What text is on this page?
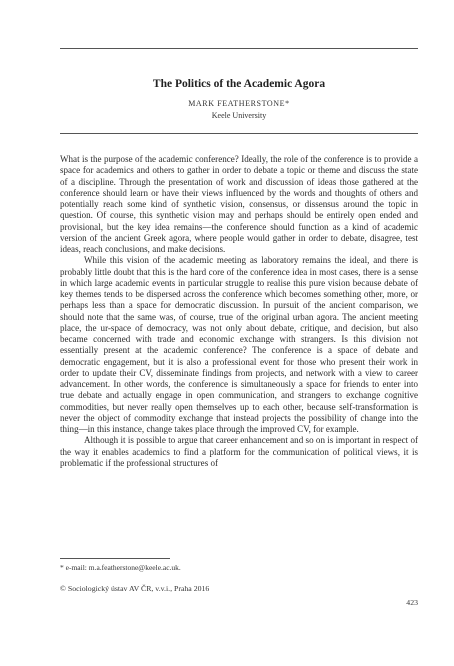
The Politics of the Academic Agora
MARK FEATHERSTONE*
Keele University

What is the purpose of the academic conference? Ideally, the role of the conference is to provide a space for academics and others to gather in order to debate a topic or theme and discuss the state of a discipline. Through the presentation of work and discussion of ideas those gathered at the conference should learn or have their views influenced by the words and thoughts of others and potentially reach some kind of synthetic vision, consensus, or dissensus around the topic in question. Of course, this synthetic vision may and perhaps should be entirely open ended and provisional, but the key idea remains—the conference should function as a kind of academic version of the ancient Greek agora, where people would gather in order to debate, disagree, test ideas, reach conclusions, and make decisions.

While this vision of the academic meeting as laboratory remains the ideal, and there is probably little doubt that this is the hard core of the conference idea in most cases, there is a sense in which large academic events in particular struggle to realise this pure vision because debate of key themes tends to be dispersed across the conference which becomes something other, more, or perhaps less than a space for democratic discussion. In pursuit of the ancient comparison, we should note that the same was, of course, true of the original urban agora. The ancient meeting place, the ur-space of democracy, was not only about debate, critique, and decision, but also became concerned with trade and economic exchange with strangers. Is this division not essentially present at the academic conference? The conference is a space of debate and democratic engagement, but it is also a professional event for those who present their work in order to update their CV, disseminate findings from projects, and network with a view to career advancement. In other words, the conference is simultaneously a space for friends to enter into true debate and actually engage in open communication, and strangers to exchange cognitive commodities, but never really open themselves up to each other, because self-transformation is never the object of commodity exchange that instead projects the possibility of change into the thing—in this instance, change takes place through the improved CV, for example.

Although it is possible to argue that career enhancement and so on is important in respect of the way it enables academics to find a platform for the communication of political views, it is problematic if the professional structures of

* e-mail: m.a.featherstone@keele.ac.uk.
© Sociologický ústav AV ČR, v.v.i., Praha 2016
423
